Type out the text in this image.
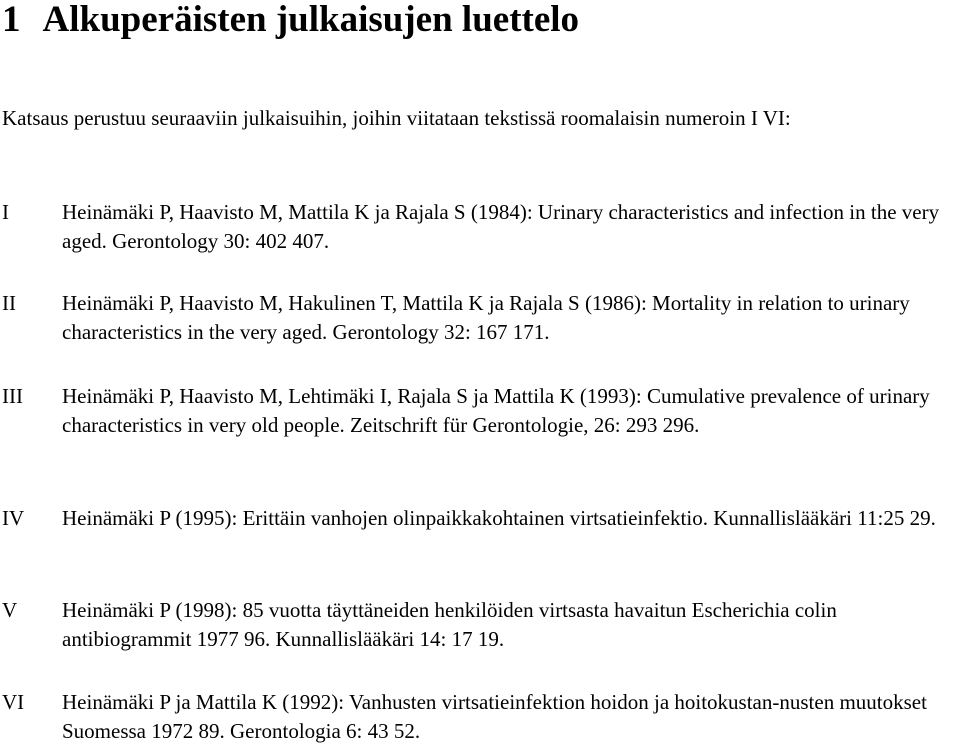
1 Alkuperäisten julkaisujen luettelo

Katsaus perustuu seuraaviin julkaisuihin, joihin viitataan tekstissä roomalaisin numeroin I VI:

I	Heinämäki P, Haavisto M, Mattila K ja Rajala S (1984): Urinary characteristics and infection in the very aged. Gerontology 30: 402 407.
II Heinämäki P, Haavisto M, Hakulinen T, Mattila K ja Rajala S (1986): Mortality in relation to urinary characteristics in the very aged. Gerontology 32: 167 171.
III Heinämäki P, Haavisto M, Lehtimäki I, Rajala S ja Mattila K (1993): Cumulative prevalence of urinary characteristics in very old people. Zeitschrift für Gerontologie, 26: 293 296.
IV Heinämäki P (1995): Erittäin vanhojen olinpaikkakohtainen virtsatieinfektio. Kunnallislääkäri 11:25 29.
V Heinämäki P (1998): 85 vuotta täyttäneiden henkilöiden virtsasta havaitun Escherichia colin antibiogrammit 1977 96. Kunnallislääkäri 14: 17 19.
VI Heinämäki P ja Mattila K (1992): Vanhusten virtsatieinfektion hoidon ja hoitokustan-nusten muutokset Suomessa 1972 89. Gerontologia 6: 43 52.
